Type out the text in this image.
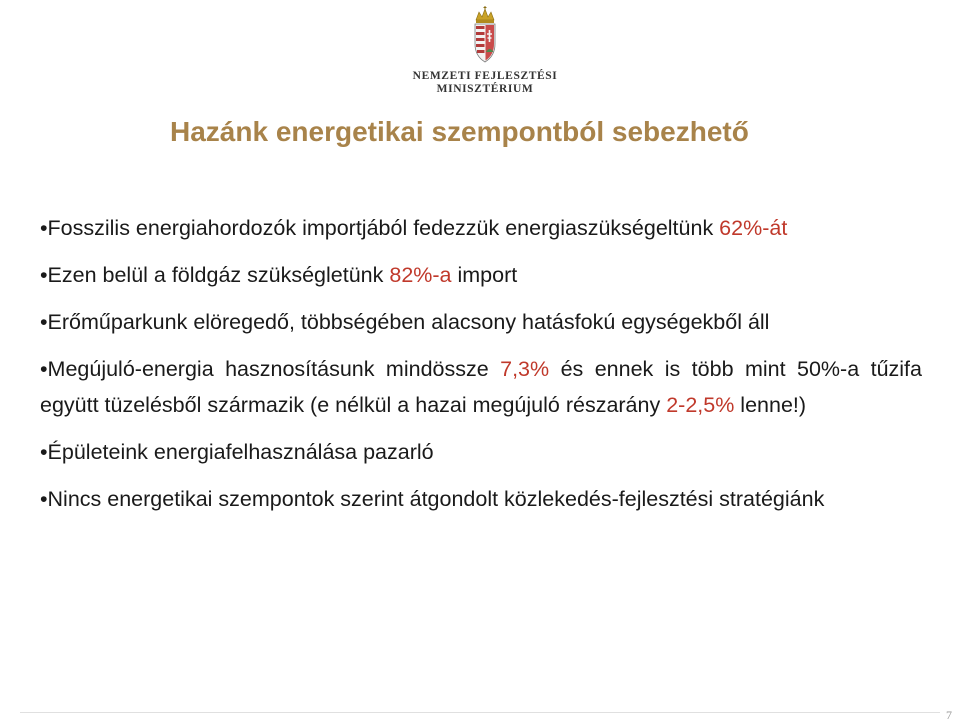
NEMZETI FEJLESZTÉSI
MINISZTÉRIUM
Hazánk energetikai szempontból sebezhető
•Fosszilis energiahordozók importjából fedezzük energiaszükségeltünk 62%-át
•Ezen belül a földgáz szükségletünk 82%-a import
•Erőműparkunk elöregedő, többségében alacsony hatásfokú egységekből áll
•Megújuló-energia hasznosításunk mindössze 7,3% és ennek is több mint 50%-a tűzifa együtt tüzelésből származik (e nélkül a hazai megújuló részarány 2-2,5% lenne!)
•Épületeink energiafelhasználása pazarló
•Nincs energetikai szempontok szerint átgondolt közlekedés-fejlesztési stratégiánk
7
